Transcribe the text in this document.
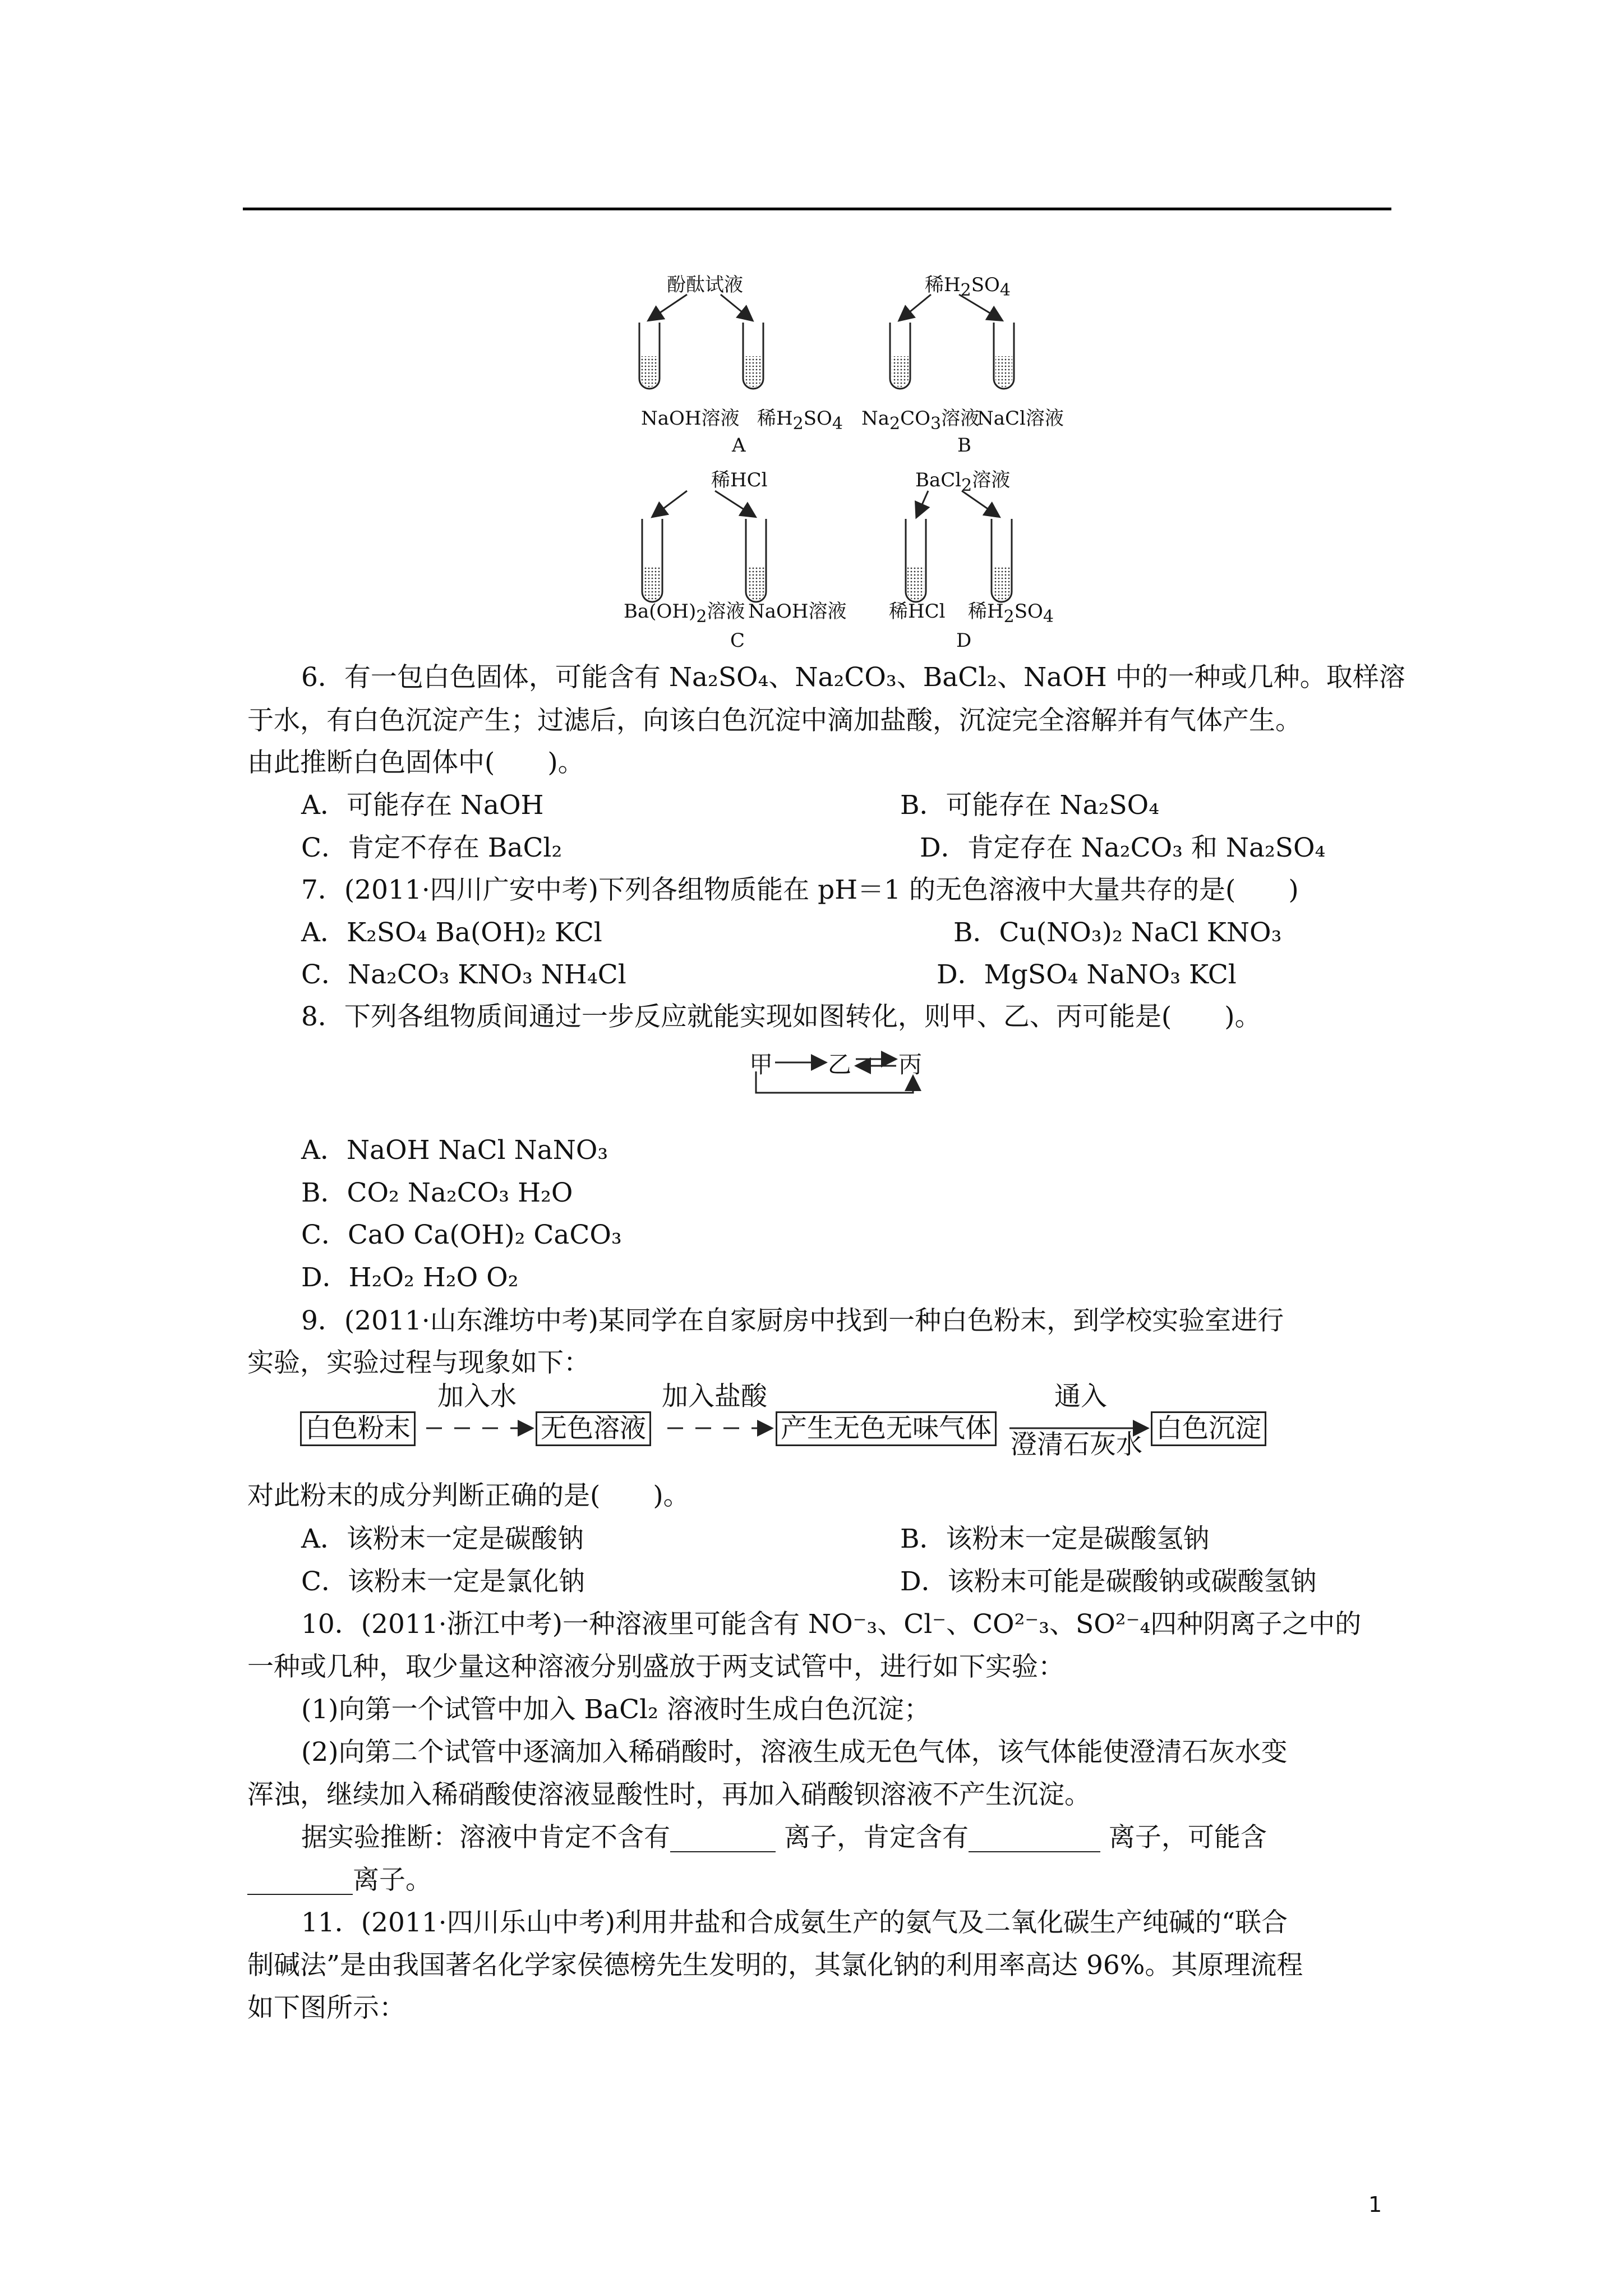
酚酞试液	稀$H_2SO_4$
NaOH溶液 稀$H_2SO_4$
A
$Na_2CO_3$溶液
NaCl溶液
B
稀HCl	BaCl$_2$溶液
$Ba(OH)_2$溶液 NaOH溶液
C
稀HCl 稀$H_2SO_4$
D
6．有一包白色固体，可能含有 Na₂SO₄、Na₂CO₃、BaCl₂、NaOH 中的一种或几种。取样溶
于水，有白色沉淀产生；过滤后，向该白色沉淀中滴加盐酸，沉淀完全溶解并有气体产生。
由此推断白色固体中(　　)。
A．可能存在 NaOH	B．可能存在 Na₂SO₄
C．肯定不存在 BaCl₂	D．肯定存在 Na₂CO₃ 和 Na₂SO₄
7．(2011·四川广安中考)下列各组物质能在 pH＝1 的无色溶液中大量共存的是(　　)
A．K₂SO₄ Ba(OH)₂ KCl	B．Cu(NO₃)₂ NaCl KNO₃
C．Na₂CO₃ KNO₃ NH₄Cl	D．MgSO₄ NaNO₃ KCl
8．下列各组物质间通过一步反应就能实现如图转化，则甲、乙、丙可能是(　　)。
甲 乙 丙
A．NaOH NaCl NaNO₃
B．CO₂ Na₂CO₃ H₂O
C．CaO Ca(OH)₂ CaCO₃
D．H₂O₂ H₂O O₂
9．(2011·山东潍坊中考)某同学在自家厨房中找到一种白色粉末，到学校实验室进行
实验，实验过程与现象如下：
白色粉末
加入水
无色溶液
加入盐酸
产生无色无味气体
通入
澄清石灰水
白色沉淀
对此粉末的成分判断正确的是(　　)。
A．该粉末一定是碳酸钠	B．该粉末一定是碳酸氢钠
C．该粉末一定是氯化钠	D．该粉末可能是碳酸钠或碳酸氢钠
10．(2011·浙江中考)一种溶液里可能含有 NO⁻₃、Cl⁻、CO²⁻₃、SO²⁻₄四种阴离子之中的
一种或几种，取少量这种溶液分别盛放于两支试管中，进行如下实验：
(1)向第一个试管中加入 BaCl₂ 溶液时生成白色沉淀；
(2)向第二个试管中逐滴加入稀硝酸时，溶液生成无色气体，该气体能使澄清石灰水变
浑浊，继续加入稀硝酸使溶液显酸性时，再加入硝酸钡溶液不产生沉淀。
据实验推断：溶液中肯定不含有________ 离子，肯定含有__________ 离子，可能含
________离子。
11．(2011·四川乐山中考)利用井盐和合成氨生产的氨气及二氧化碳生产纯碱的“联合
制碱法”是由我国著名化学家侯德榜先生发明的，其氯化钠的利用率高达 96%。其原理流程
如下图所示：
1
